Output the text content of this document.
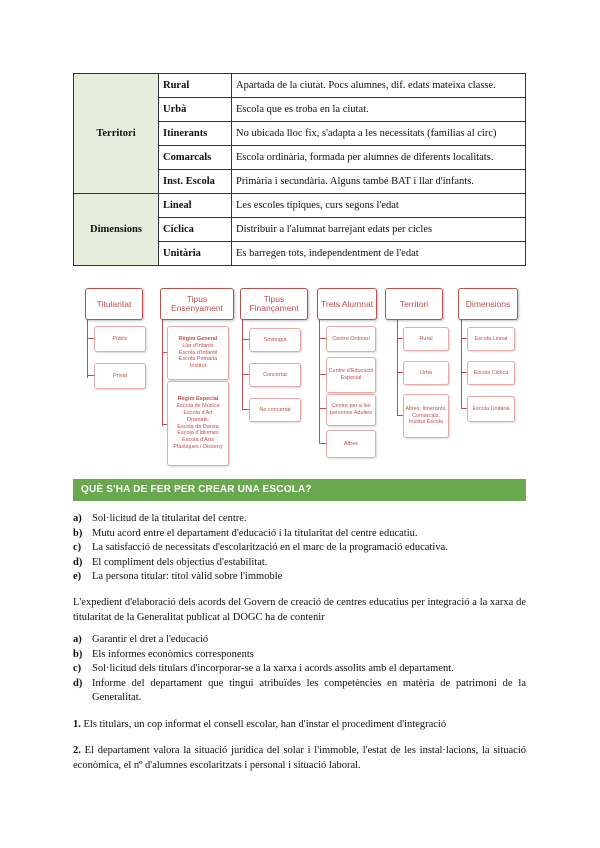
Territori	Rural	Apartada de la ciutat. Pocs alumnes, dif. edats mateixa classe.
	Urbà	Escola que es troba en la ciutat.
	Itinerants	No ubicada lloc fix, s'adapta a les necessitats (famílias al circ)
	Comarcals	Escola ordinària, formada per alumnes de diferents localitats.
	Inst. Escola	Primària i secundària. Alguns també BAT i llar d'infants.
Dimensions	Lineal	Les escoles típiques, curs segons l'edat
	Cíclica	Distribuir a l'alumnat barrejant edats per cicles
	Unitària	Es barregen tots, independentment de l'edat
Titularitat	Tipus Ensenyament
Tipus Finançament	Trets Alumnat	Territori	Dimensions
Públic
Privat
Règim General
Llar d'Infants
Escola d'Infantil
Escola Primària
Institut
Règim Especial
Escola de Música
Escola d'Art
Dramàtic
Escola de Dansa
Escola d'Idiomes
Escola d'Arts
Plàstiques i Disseny
Sostingut
Concertat
No concertat
Centre Ordinari
Centre d'Educació Especial
Centre per a les persones Adultes
Altres
Rural
Urbà
Altres: Itinerants, Comarcals, Institut Escola
Escola Lineal
Escola Cíclica
Escola Unitària
QUÈ S'HA DE FER PER CREAR UNA ESCOLA?
a) Sol·licitud de la titularitat del centre.
b) Mutu acord entre el departament d'educació i la titularitat del centre educatiu.
c)	La satisfacció de necessitats d'escolarització en el marc de la programació educativa.
d) El compliment dels objectius d'estabilitat.
e)	La persona titular: títol vàlid sobre l'immoble
L'expedient d'elaboració dels acords del Govern de creació de centres educatius per integració a la xarxa de titularitat de la Generalitat publicat al DOGC ha de contenir
a) Garantir el dret a l'educació
b) Els informes econòmics corresponents
c)	Sol·licitud dels titulars d'incorporar-se a la xarxa i acords assolits amb el departament.
d) Informe del departament que tingui atribuïdes les competències en matèria de patrimoni de la Generalitat.
1. Els titulars, un cop informat el consell escolar, han d'instar el procediment d'integració
2. El departament valora la situació jurídica del solar i l'immoble, l'estat de les instal·lacions, la situació econòmica, el nº d'alumnes escolaritzats i personal i situació laboral.
